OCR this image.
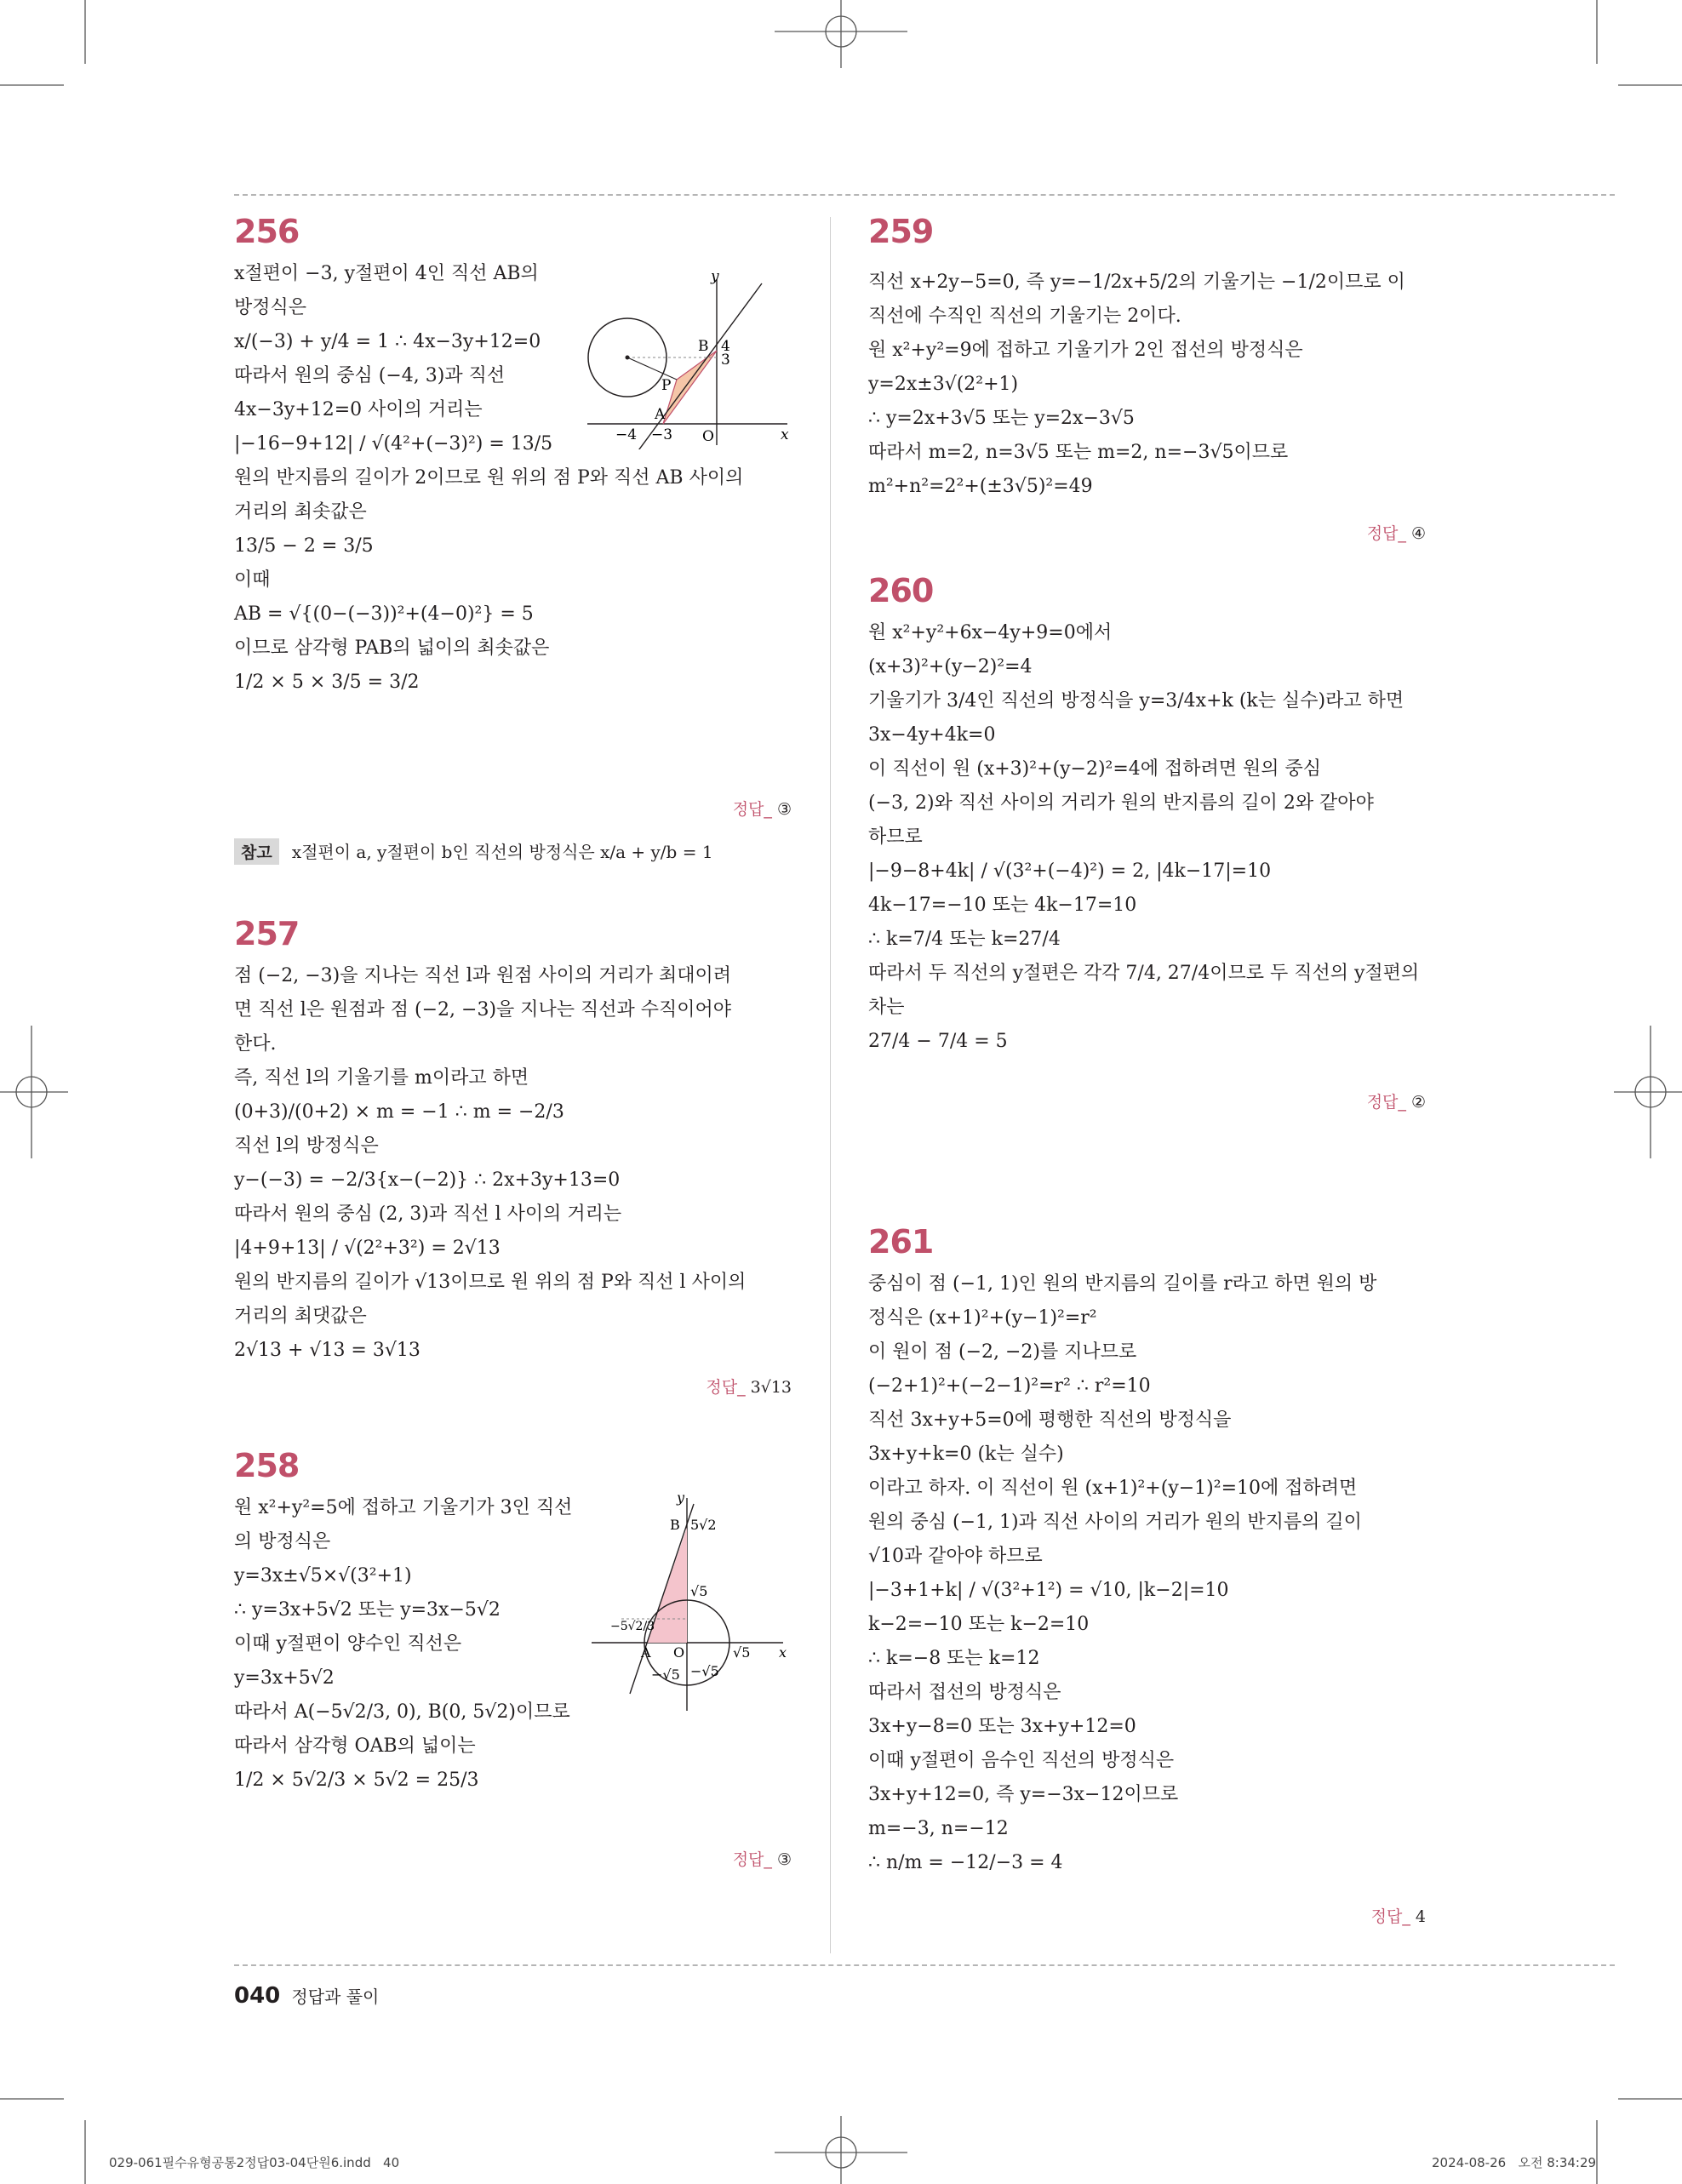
256
x절편이 −3, y절편이 4인 직선 AB의
방정식은
x/(−3) + y/4 = 1 ∴ 4x−3y+12=0
따라서 원의 중심 (−4, 3)과 직선
4x−3y+12=0 사이의 거리는
|−16−9+12| / √(4²+(−3)²) = 13/5
원의 반지름의 길이가 2이므로 원 위의 점 P와 직선 AB 사이의
거리의 최솟값은
13/5 − 2 = 3/5
이때
AB = √{(0−(−3))²+(4−0)²} = 5
이므로 삼각형 PAB의 넓이의 최솟값은
1/2 × 5 × 3/5 = 3/2
y
x
B 4
3
P
A
O
−4 −3
정답_ ③
참고 x절편이 a, y절편이 b인 직선의 방정식은 x/a + y/b = 1
257
점 (−2, −3)을 지나는 직선 l과 원점 사이의 거리가 최대이려
면 직선 l은 원점과 점 (−2, −3)을 지나는 직선과 수직이어야
한다.
즉, 직선 l의 기울기를 m이라고 하면
(0+3)/(0+2) × m = −1 ∴ m = −2/3
직선 l의 방정식은
y−(−3) = −2/3{x−(−2)} ∴ 2x+3y+13=0
따라서 원의 중심 (2, 3)과 직선 l 사이의 거리는
|4+9+13| / √(2²+3²) = 2√13
원의 반지름의 길이가 √13이므로 원 위의 점 P와 직선 l 사이의
거리의 최댓값은
2√13 + √13 = 3√13
정답_ 3√13
258
원 x²+y²=5에 접하고 기울기가 3인 직선
의 방정식은
y=3x±√5×√(3²+1)
∴ y=3x+5√2 또는 y=3x−5√2
이때 y절편이 양수인 직선은
y=3x+5√2
따라서 A(−5√2/3, 0), B(0, 5√2)이므로
따라서 삼각형 OAB의 넓이는
1/2 × 5√2/3 × 5√2 = 25/3
y
x
B 5√2
√5
−5√2/3
A O	√5
−√5 −√5
정답_ ③
259
직선 x+2y−5=0, 즉 y=−1/2x+5/2의 기울기는 −1/2이므로 이
직선에 수직인 직선의 기울기는 2이다.
원 x²+y²=9에 접하고 기울기가 2인 접선의 방정식은
y=2x±3√(2²+1)
∴ y=2x+3√5 또는 y=2x−3√5
따라서 m=2, n=3√5 또는 m=2, n=−3√5이므로
m²+n²=2²+(±3√5)²=49
정답_ ④
260
원 x²+y²+6x−4y+9=0에서
(x+3)²+(y−2)²=4
기울기가 3/4인 직선의 방정식을 y=3/4x+k (k는 실수)라고 하면
3x−4y+4k=0
이 직선이 원 (x+3)²+(y−2)²=4에 접하려면 원의 중심
(−3, 2)와 직선 사이의 거리가 원의 반지름의 길이 2와 같아야
하므로
|−9−8+4k| / √(3²+(−4)²) = 2, |4k−17|=10
4k−17=−10 또는 4k−17=10
∴ k=7/4 또는 k=27/4
따라서 두 직선의 y절편은 각각 7/4, 27/4이므로 두 직선의 y절편의
차는
27/4 − 7/4 = 5
정답_ ②
261
중심이 점 (−1, 1)인 원의 반지름의 길이를 r라고 하면 원의 방
정식은 (x+1)²+(y−1)²=r²
이 원이 점 (−2, −2)를 지나므로
(−2+1)²+(−2−1)²=r² ∴ r²=10
직선 3x+y+5=0에 평행한 직선의 방정식을
3x+y+k=0 (k는 실수)
이라고 하자. 이 직선이 원 (x+1)²+(y−1)²=10에 접하려면
원의 중심 (−1, 1)과 직선 사이의 거리가 원의 반지름의 길이
√10과 같아야 하므로
|−3+1+k| / √(3²+1²) = √10, |k−2|=10
k−2=−10 또는 k−2=10
∴ k=−8 또는 k=12
따라서 접선의 방정식은
3x+y−8=0 또는 3x+y+12=0
이때 y절편이 음수인 직선의 방정식은
3x+y+12=0, 즉 y=−3x−12이므로
m=−3, n=−12
∴ n/m = −12/−3 = 4
정답_ 4
040 정답과 풀이
029-061필수유형공통2정답03-04단원6.indd   40	2024-08-26   오전 8:34:29
